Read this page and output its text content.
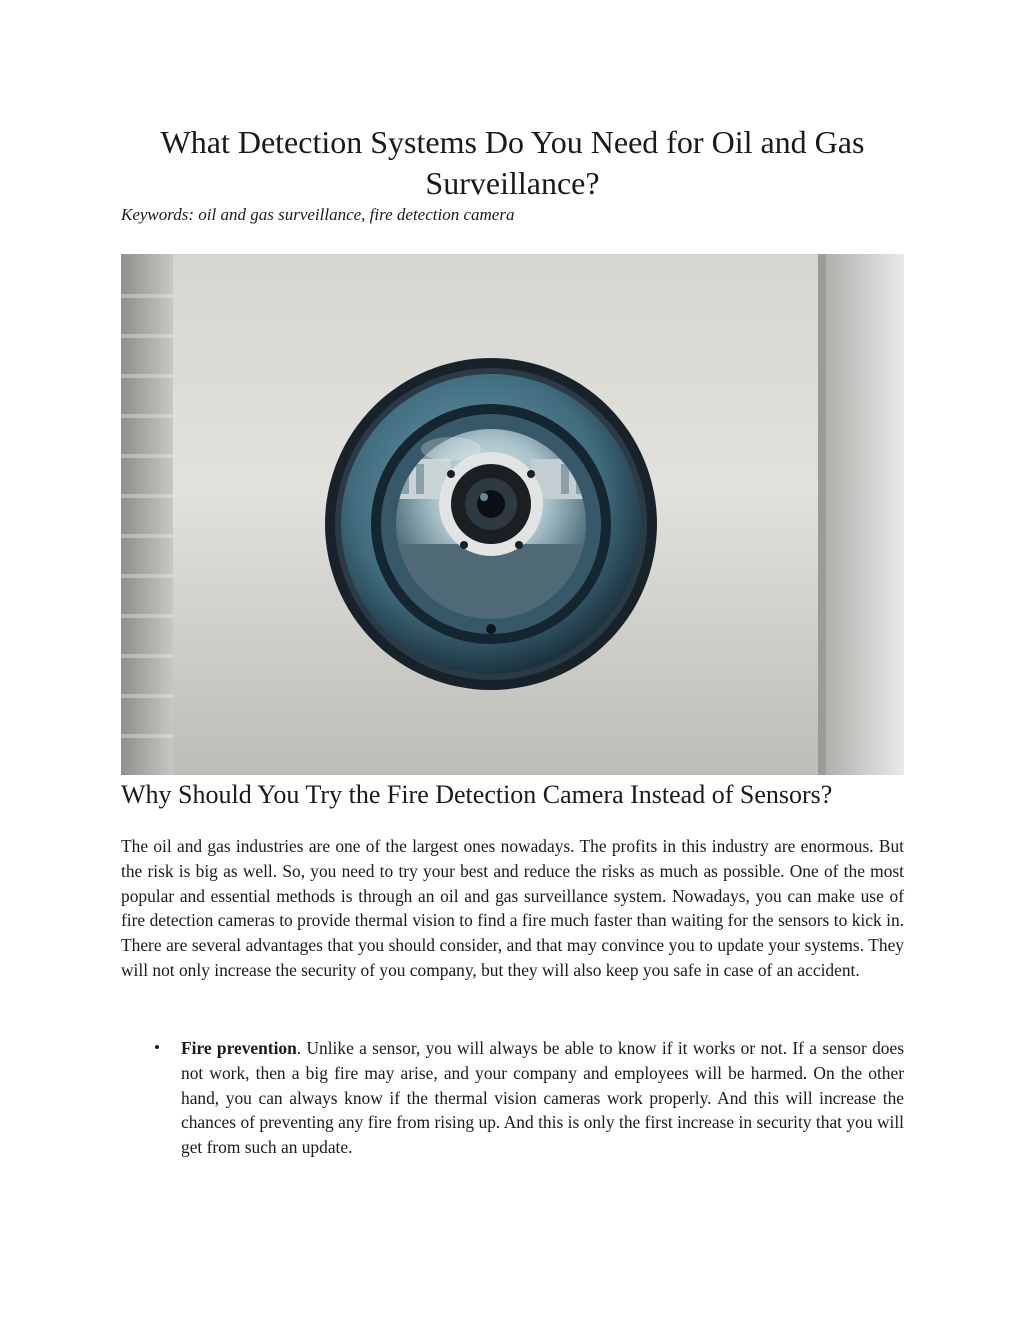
What Detection Systems Do You Need for Oil and Gas Surveillance?

Keywords: oil and gas surveillance, fire detection camera

Why Should You Try the Fire Detection Camera Instead of Sensors?

The oil and gas industries are one of the largest ones nowadays. The profits in this industry are enormous. But the risk is big as well. So, you need to try your best and reduce the risks as much as possible. One of the most popular and essential methods is through an oil and gas surveillance system. Nowadays, you can make use of fire detection cameras to provide thermal vision to find a fire much faster than waiting for the sensors to kick in. There are several advantages that you should consider, and that may convince you to update your systems. They will not only increase the security of you company, but they will also keep you safe in case of an accident.

• Fire prevention. Unlike a sensor, you will always be able to know if it works or not. If a sensor does not work, then a big fire may arise, and your company and employees will be harmed. On the other hand, you can always know if the thermal vision cameras work properly. And this will increase the chances of preventing any fire from rising up. And this is only the first increase in security that you will get from such an update.
